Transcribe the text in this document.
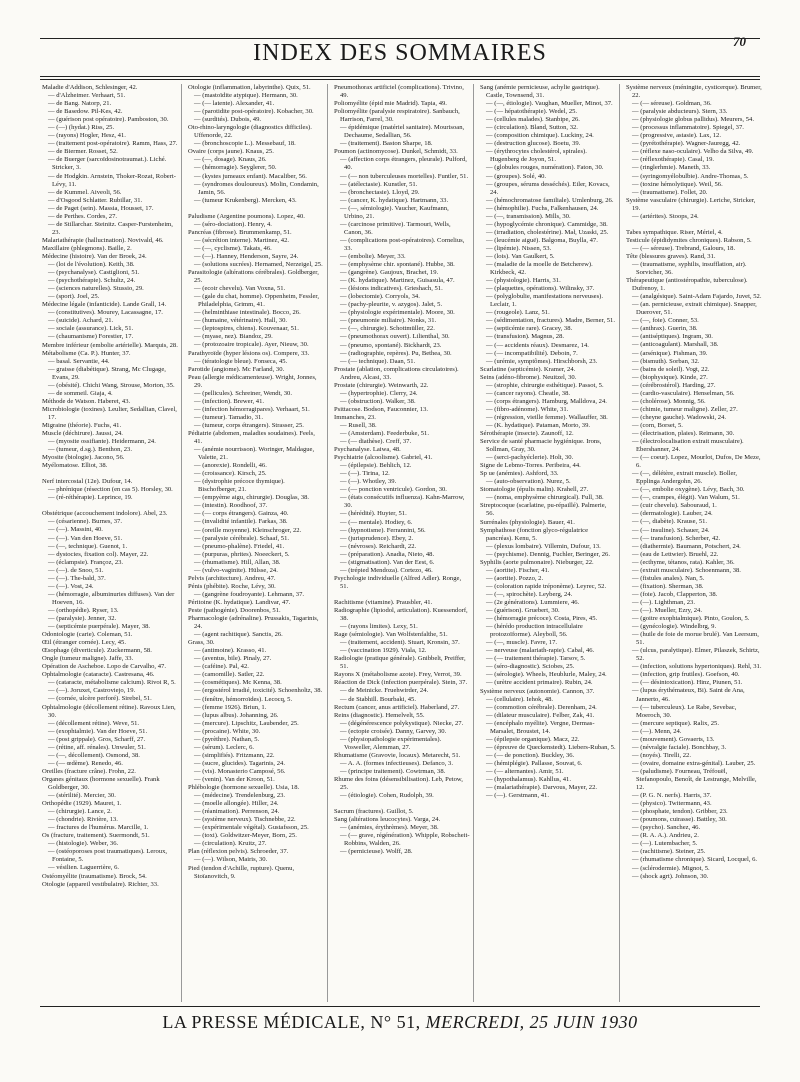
70
INDEX DES SOMMAIRES
Maladie d'Addison, Schlesinger, 42.
— d'Alzheimer. Verhaart, 51.
— de Bang. Natorp, 21.
— de Basedow. Pil-Kes, 42.
— (guérison post opératoire). Pamboston, 30.
— (—) (hydat.) Riss, 25.
— (rayons) Hogler, Hesz, 41.
— (traitement post-opératoire). Ramm, Hass, 27.
— de Biermer. Rosset, 52.
— de Buerger (sarcoïdosinotraumat.). Liché. Stricker, 3.
— de Hodgkin. Arnstein, Thoker-Rozat, Robert-Lévy, 11.
— de Kummel. Aiveoli, 56.
— d'Osgood Schlatter. Rubillar, 31.
— de Paget (sein). Massia, Housset, 17.
— de Perthes. Cordes, 27.
— de Stillarchar. Steinitz. Casper-Furstenheim, 23.
Malariathérapie (hallucination). Novivald, 46.
Maxillaire (phlegmons). Baille, 2.
Médecine (histoire). Van der Broek, 24.
— (loi de l'évolution). Keith, 38.
— (psychanalyse). Castiglioni, 51.
— (psychothérapie). Schultz, 24.
— (sciences naturelles). Stussio, 29.
— (sport). Joel, 25.
Médecine légale (infanticide). Lande Grall, 14.
— (constitutives). Mourey, Lacassagne, 17.
— (suicide). Achard, 21.
— sociale (assurance). Lick, 51.
— (chaumanisme) Forestier, 17.
Membre inférieur (embolie artérielle). Marquis, 28.
Métabolisme (Ca. P.). Hunter, 37.
— basal. Servantie, 44.
— graisse (diabétique). Strang, Mc Clugage, Evans, 29.
— (obésité). Chichi Wang, Strouse, Morton, 35.
— de sommeil. Giaja, 4.
Méthode de Watson. Haberet, 43.
Microbiologie (toxines). Leulier, Sedallian, Clavel, 17.
Migraine (théorie). Fuchs, 41.
Muscle (déchirure). Jaussi, 24.
— (myosite ossifiante). Heidermann, 24.
— (tumeur, d.sg.). Benthon, 23.
Myosite (biologie). Jacono, 56.
Myélomatose. Elliot, 38.
Nerf intercostal (12e). Dufour, 14.
— phrénique (résection (en cas 5). Horsley, 30.
— (ré-réthérapie). Leprince, 19.
Obstétrique (accouchement indolore). Abel, 23.
— (césarienne). Burnes, 37.
— (—). Massini, 40.
— (—). Van den Hoeve, 51.
— (—, technique). Guenot, 1.
— dystocies, fixation col). Mayer, 22.
— (éclampsie). Françoz, 23.
— (—). de Snoo, 51.
— (—). The-bald, 37.
— (—). Vost, 24.
— (hémorragie, albuminuries diffuses). Van der Hoeven, 16.
— (orthopédie). Ryser, 13.
— (paralysie). Jenner, 32.
— (septicémie puerpérale). Mayer, 38.
Odontologie (carie). Coleman, 51.
Œil (étranger cornée). Lecy, 45.
Œsophage (diverticule). Zuckermann, 58.
Ongle (tumeur maligne). Jaffe, 33.
Opération de Ascheboe. Lopo de Carvalho, 47.
Ophtalmologie (cataracte). Castresana, 46.
— (cataracte, métabolisme calcium). Rivoi R, 5.
— (—). Joruxet, Castroviejo, 19.
— (cornée, ulcère perforé). Sirebel, 51.
Ophtalmologie (décollement rétine). Ravoux Lien, 30.
— (décollement rétine). Weve, 51.
— (exophtalmie). Van der Hoeve, 51.
— (post grippale). Gros, Scharff, 27.
— (rétine, aff. rénales). Unwuler, 51.
— (—, décollement). Osmond, 38.
— (— œdème). Renedo, 46.
Oreilles (fracture crâne). Frohn, 22.
Organes génitaux (hormone sexuelle). Frank Goldberger, 30.
— (stérilité). Mercier, 30.
Orthopédie (1929). Mauret, 1.
— (chirurgie). Lance, 2.
— (chondrie). Rivière, 13.
— fractures de l'humérus. Marcille, 1.
Os (fracture, traitement). Suermondt, 51.
— (histologie). Weber, 36.
— (ostéoporoses post traumatiques). Leroux, Fontaine, 5.
— vésilien. Laguerrière, 6.
Ostéomyélite (traumatisme). Brock, 54.
Otologie (appareil vestibulaire). Richter, 33.
Otologie (inflammation, labyrinthe). Quix, 51.
— (mastoïdite atypique). Hermann, 30.
— (— latente). Alexander, 41.
— (parotidite post-opératoire). Kobacher, 30.
— (surdités). Dubois, 49.
Oto-rhino-laryngologie (diagnostics difficiles). Uffenorde, 22.
— (bronchoscopie L.). Messebauf, 18.
Ovaire (corps jaune). Knaus, 25.
— (—, dosage). Knaus, 26.
— (hémorragie). Seyglerer, 50.
— (kystes jumeaux enfant). Macaliber, 56.
— (syndromes douloureux). Molin, Condamin, Jamin, 56.
— (tumeur Krukenberg). Mercken, 43.
Paludisme (Argentine poumons). Lopez, 40.
— (séro-dociation). Henry, 4.
Pancréas (fibrose). Brummenkamp, 51.
— (sécrétion interne). Martinez, 42.
— (—, cyclisme). Takats, 46.
— (—). Hanney, Henderson, Sayre, 24.
— (solutions sucrées). Hernamed, Nerzeigel, 25.
Parasitologie (altérations cérébrales). Goldberger, 25.
— (ecoir chevelu). Van Voxna, 51.
— (gale du chat, homme). Oppenheim, Fessler, Philadelphia, Grimm, 41.
— (helminthiase intestinale). Bocco, 26.
— (humaine, vétérinaire). Hall, 30.
— (leptospires, chiens). Kouvenaar, 51.
— (myase, nez). Biandoz, 29.
— (protozoaire tropicale). Ayer, Nieuw, 30.
Parathyroïde (hyper lésions os). Compere, 33.
— (tératologie bleue). Fonseca, 45.
Parotide (angiome). Mc Farland, 30.
Peau (allergie médicamenteuse). Wright, Jonnes, 29.
— (pellicules). Schreiner, Wendt, 30.
— (infection). Brewer, 41.
— (infection hémorragipares). Verhaart, 51.
— (tumeur). Tamadio, 31.
— (tumeur, corps étrangers). Strasser, 25.
Pédiatrie (abdomen, maladies soudaines). Feels, 41.
— (anémie nourrisson). Woringer, Maldague, Valette, 21.
— (anorexie). Rondelli, 46.
— (croissance). Kirsch, 25.
— (dystrophie précoce thymique). Bischofberger, 21.
— (empyème aigu, chirurgie). Douglas, 38.
— (intestin). Roodhoof, 37.
— (— corps étrangers). Gainza, 40.
— (invalidité infantile). Farkas, 38.
— (oreille moyenne). Kleinschroger, 22.
— (paralysie cérébrale). Schaaf, 51.
— (pneumo-phalène). Friedel, 41.
— (purpuras, phrites). Noeeckert, 5.
— (rhumatisme). Hill, Allan, 38.
— (vulvo-vaginite). Hülsse, 24.
Pelvis (architecture). Andreu, 47.
Pénis (phébite). Roche, Lévy, 30.
— (gangrène foudroyante). Lehmann, 37.
Péritoine (K. hydatique). Landivar, 47.
Peste (pathogénie). Doorenbos, 51.
Pharmacologie (adrénaline). Prussakis, Tagarinis, 24.
— (agent rachitique). Sanctis, 26.
Grass, 30.
— (antimoine). Krasso, 41.
— (aventus, bile). Pinaly, 27.
— (caféine). Pal, 42.
— (camomille). Satler, 22.
— (cosmétiques). Mc Kenna, 38.
— (ergostérol irradié, toxicité). Schoenholtz, 38.
— (fenêtre, hémorroïdes). Lecocq, 5.
— (femme 1926). Briun, 1.
— (lupus albus). Johanning, 26.
— (mercure). Lipschitz, Laubender, 25.
— (procaine). White, 30.
— (pyrèthre). Nathan, 5.
— (sérum). Leclerc, 6.
— (simplifiés). Fritzmann, 22.
— (sucre, glucides). Tagarinis, 24.
— (vis). Monasterio Camposé, 56.
— (venin). Van der Kroon, 51.
Phlébologie (hormone sexuelle). Usia, 18.
— (médecine). Trendelenburg, 23.
— (moelle allongée). Hiller, 24.
— (réanimation). Perrenson, 24.
— (système nerveux). Tischnebbe, 22.
— (expérimentale végétal). Gustafsson, 25.
— (toxi). Goldwitzer-Meyer, Born, 25.
— (circulation). Kruitz, 27.
Plan (réflexion pelvis). Schroeder, 37.
— (—). Wilson, Mairis, 30.
Pied (tendon d'Achille, rupture). Quenu, Stoïanovitch, 9.
Pneumothorax artificiel (complications). Trivino, 49.
Poliomyélite (épid mie Madrid). Tapia, 49.
Poliomyélite (paralysie respiratoire). Sanbauch, Harrison, Farrel, 30.
— épidémique (matériel sanitaire). Mourisoan, Dechaume, Sedallian, 56.
— (traitement). Baston Sharpe, 18.
Poumon (actinomycose). Dunkel, Schmidt, 33.
— (affection corps étrangers, pleurale). Pulford, 40.
— (— non tuberculeuses mortelles). Funtler, 51.
— (atélectasie). Kunstler, 51.
— (bronchectasie). Lloyd, 29.
— (cancer, K. hydatique). Hartmann, 33.
— (—, sémiologie). Vaucher, Kaufmann, Urbino, 21.
— (carcinose primitive). Tarmouri, Wells, Canon, 36.
— (complications post-opératoires). Cornelius, 33.
— (embolie). Meyer, 33.
— (emphysème chir. spontané). Hubbe, 38.
— (gangrène). Gaujoux, Brachet, 19.
— (K. hydatique). Martinez, Guisasula, 47.
— (lésions indicatives). Grieshach, 51.
— (lobectomie). Corryols, 34.
— (pachy-pleurite, v. azygos). Jalet, 5.
— (physiologie expérimentale). Moore, 30.
— (pneumonie miliaire). Nonks, 31.
— (—, chirurgie). Schottmüller, 22.
— (pneumothorax ouvert). Lilienthal, 30.
— (pneumo, spontané). Bickhardt, 23.
— (radiographie, repères). Pu, Bethea, 30.
— (— technique). Daan, 51.
Prostate (ablation, complications circulatoires). Andreu, Alcasi, 33.
Prostate (chirurgie). Weinwarth, 22.
— (hypertrophie). Clerry, 24.
— (obstruction). Walker, 38.
Psittacose. Bodson, Fauconnier, 13.
Immanches, 23.
— Rusell, 38.
— (Amsterdam). Feederbuke, 51.
— (— diathèse). Creff, 37.
Psychanalyse. Laiwa, 48.
Psychiatrie (alcoolisme). Gabriel, 41.
— (épilepsie). Behlich, 12.
— (—). Tirina, 12.
— (—). Whotley, 39.
— (— ponction ventricule). Gordon, 30.
— (états consécutifs influenza). Kahn-Marrow, 30.
— (hérédité). Huyter, 51.
— (— mentale). Hodiey, 6.
— (hypnotisme). Ferrannini, 56.
— (jurisprudence). Ebey, 2.
— (névroses). Reichardt, 22.
— (préparation). Anadia, Nieto, 48.
— (stigmatisation). Van der Eest, 6.
— (trépied Mendoza). Cortezo, 46.
Psychologie individuelle (Alfred Adler). Ronge, 51.
Rachitisme (vitamine). Prausbler, 41.
Radiographie (lipiodol, articulation). Kuessendorf, 38.
— (rayons limites). Lexy, 51.
Rage (sémiologie). Van Wolfstenfalthe, 51.
— (traitement, accident). Stuart, Kronsin, 37.
— (vaccination 1929). Viala, 12.
Radiologie (pratique générale). Gnibbelt, Preiffer, 51.
Rayons X (métabolisme azote). Frey, Verrot, 39.
Réaction de Dick (infection puerpérale). Stein, 37.
— de Meinicke. Fruehwirder, 24.
— de Stabhill. Bourbaki, 45.
Rectum (cancer, anus artificiel). Haberland, 27.
Reins (diagnostic). Hemelvelt, 55.
— (dégénérescence polykystique). Niecke, 27.
— (ectopie croisée). Danny, Garvey, 30.
— (physiopathologie expérimentales). Vosweller, Alemman, 27.
Rhumatisme (Gravovie, locaux). Metarecht, 51.
— A. A. (formes infectieuses). Defanco, 3.
— (principe traitement). Cowtrman, 38.
Rhume des foins (désensibilisation). Leb, Petow, 25.
— (étiologie). Cohen, Rudolph, 39.
Sacrum (fractures). Guillot, 5.
Sang (altérations leucocytes). Varga, 24.
— (anémies, érythrèmes). Meyer, 38.
— (— grave, régénération). Whipple, Robscheit-Robbins, Walden, 26.
— (pernicieuse). Wolff, 28.
Sang (anémie pernicieuse, achylie gastrique). Castle, Townsend, 31.
— (—, étiologie). Vaughan, Mueller, Minot, 37.
— (— hépatothérapie). Wedel, 25.
— (cellules malades). Stanbipe, 26.
— (circulation). Bland, Sutton, 32.
— (composition chimique). Luckiny, 24.
— (destruction glucose). Boetu, 39.
— (érythrocytes cholestérol, spirales). Hugenberg de Joyon, 51.
— (globules rouges, numération). Faton, 30.
— (groupes). Solé, 40.
— (groupes, sérums desséchés). Eiler, Kovacs, 24.
— (hémochromatose familiale). Umlenburg, 26.
— (hémophilie). Fuchs, Falkenhausen, 24.
— (—, transmission). Mills, 30.
— (hypoglycémie chronique). Cammidge, 38.
— (irradiation, cholestérine). Mał, Uzaski, 25.
— (leucémie aiguë). Balgoma, Buylla, 47.
— (lipémie). Nissen, 53.
— (lois). Van Gaulkert, 5.
— (maladie de la moelle de Betcherew). Kirkbeck, 42.
— (physiologie). Harris, 31.
— (plaquettes, opérations). Wilinsky, 37.
— (polyglobulie, manifestations nerveuses). Leclair, 1.
— (rougeole). Lanz, 51.
— (sédimentation, fractures). Madre, Berner, 51.
— (septicémie rare). Gracey, 38.
— (transfusion). Magnus, 28.
— (— accidents réaux). Desmarez, 14.
— (— incompatibilité). Deboin, 7.
— (urémie, symptômes). Hirschborsh, 23.
Scarlatine (septicémie). Kramer, 24.
Seins (adéno-fibrome). Neuitzel, 30.
— (strophie, chirurgie esthétique). Passot, 5.
— (cancer rayons). Cheatle, 38.
— (corps étrangers). Hamburg, Malldova, 24.
— (fibro-adénome). White, 31.
— (régression, vieille femme). Wallauffer, 38.
— (K. hydatique). Pataman, Morto, 39.
Sérothérapie (insecte). Zaunoff, 12.
Service de santé pharmacie hygiénique. Irons, Sollman, Gray, 30.
— (serci-pachyéclerie). Holt, 30.
Signe de Lebmo-Torres. Peribeira, 44.
Sp ue (anémies). Ashford, 33.
— (auto-observation). Nurez, 5.
Stomatologie (épulis malin). Krahell, 27.
— (noma, emphysème chirurgical). Full, 38.
Streptocoque (scarlatine, pu-répaillé). Palmerie, 56.
Surrénales (physiologie). Bauer, 41.
Symphathose (fonction glyco-régulatrice pancréas). Kenu, 5.
— (plexus lombaire). Villemin, Dufour, 13.
— (psychisme). Dennig, Fuchler, Beringer, 26.
Syphilis (aorte pulmonaire). Nieburger, 22.
— (aortite). Fischer, 41.
— (aortite). Pozzo, 2.
— (coloration rapide tréponème). Leyrec, 52.
— (—, spirochète). Leyberg, 24.
— (2e générations). Lummiere, 46.
— (guérison). Gruebert, 30.
— (hémorragie précoce). Costa, Pires, 45.
— (hérédo production intracellulaire protozoïforme). Aleyboll, 56.
— (—, muscle). Favre, 17.
— nerveuse (malariath-rapie). Cabal, 46.
— (— traitement thérapie). Tarsov, 5.
— (séro-diagnostic). Sciobes, 25.
— (sérologie). Wheels, Heublurle, Maley, 24.
— (urètre accident primaire). Rubin, 24.
Système nerveux (autonomie). Cannon, 37.
— (cellulaire). Iehok, 48.
— (commotion cérébrale). Derenham, 24.
— (dilateur musculaire). Felber, Zak, 41.
— (encéphalo myélite). Vergne, Dermas-Marsalet, Broustet, 14.
— (épilepsie organique). Macz, 22.
— (épreuve de Queckenstedt). Liebers-Ruban, 5.
— (— de ponction). Buckley, 36.
— (hémiplégie). Pallasse, Souvat, 6.
— (— alternantes). Amir, 51.
— (hypothalamus). Kahllus, 41.
— (malariathérapie). Darvous, Mayer, 22.
— (—). Gerstmann, 41.
Système nerveux (méningite, cysticerque). Brumer, 22.
— (— séreuse). Goldman, 36.
— (paralysie abducteurs). Stern, 33.
— (physiologie globus pallidus). Meurers, 54.
— (processus inflammatoire). Spiegel, 37.
— (progressive, astasie). Lax, 12.
— (pyrétothérapie). Wagner-Jauregg, 42.
— (réflexe naso-oculaire). Velho da Silva, 49.
— (réflexothérapie). Casal, 19.
— (ringlerhmie). Maneth, 33.
— (syringomyélobulbie). Andre-Thomas, 5.
— (toxine hémolytique). Weil, 56.
— (traumatisme). Follet, 20.
Système vasculaire (chirurgie). Leriche, Stricker, 19.
— (artérites). Stoops, 24.
Tabes sympathique. Riser, Mériel, 4.
Testicule (épididymites chroniques). Rabson, 5.
— (— séreuse). Trebrand, Galours, 18.
Tête (blessures graves). Rand, 31.
— (traumatisme, syphilis, insufflation, air). Sorvicher, 36.
Thérapeutique (antiostéropathie, tuberculose). Dufrenoy, 1.
— (analgésique). Saint-Adam Fajardo, Juvet, 52.
— (an. pernicieuse, extrait chimique). Snapper, Duerover, 51.
— (—, foie). Conner, 53.
— (anthrax). Guerin, 38.
— (antiséptiques). Ingram, 30.
— (anticoagulant). Marshall, 38.
— (arsénique). Fishman, 39.
— (bismuth). Sorban, 32.
— (bains de soleil). Vogt, 22.
— (biophysique). Kinde, 27.
— (cérébrostérol). Harding, 27.
— (cardio-vasculaire). Henselman, 56.
— (cholérose). Monnig, 56.
— (chimie, tumeur maligne). Zeller, 27.
— (cheyne gauche). Wadowski, 24.
— (corn, Borset, 5.
— (électrisation, plaies). Reimann, 30.
— (électrolocalisation extrait musculaire). Ebershanner, 24.
— (— coeur). Lopez, Mourlot, Dufos, De Meze, 6.
— (—, délétère, extrait muscle). Boller, Epplinga Andergohn, 26.
— (—, embolie oxygène). Lévy, Bach, 30.
— (—, crampes, élégit). Van Walum, 51.
— (cuir chevelu). Sabouraud, 1.
— (dermatologie). Lauber, 24.
— (—, diabète). Krause, 51.
— (— insuline). Schauer, 24.
— (— transfusion). Scherber, 42.
— (diathermie). Baumann, Potschert, 24.
— (eau de Lettwier). Bruehl, 22.
— (ecthyme, tétanos, rata). Kahler, 36.
— (extrait musculaire). Schoenmann, 38.
— (fistules anales). Nan, 5.
— (fixation). Sherman, 38.
— (foie). Jacob, Clapperton, 38.
— (—). Lighthman, 23.
— (—). Mueller, Ezry, 24.
— (goitre exophtalmique). Pinto, Goulon, 5.
— (gynécologie). Windelbrg, 9.
— (huile de foie de morue brulé). Van Leersum, 51.
— (ulcus, paralytique). Elmer, Pilaszek, Schirtz, 52.
— (infection, solutions hypertoniques). Rehl, 31.
— (infection, grip frutiles). Goefson, 40.
— (— désintoxication). Hinz, Piunen, 51.
— (lupus érythémateux, Bi). Saint de Ana, Jannerto, 46.
— (— tuberculeux). Le Rabe, Sevebac, Moeroch, 30.
— (mercure septique). Ralix, 25.
— (—). Menn, 24.
— (mouvement). Govaerts, 13.
— (névralgie faciale). Bonchbay, 3.
— (noyés). Tirelli, 22.
— (ovaire, domaine extra-génital). Lauber, 25.
— (paludisme). Fourneau, Tréfouël, Stefanopoulo, Benoît, de Lestrange, Melville, 12.
— (P. G. N. nerfs). Harris, 37.
— (physico). Twitermann, 43.
— (phosphate, tendon). Gribber, 23.
— (poumons, cuirasse). Battley, 30.
— (psycho). Sanchez, 46.
— (R. A. A.). Andrieu, 2.
— (—). Lutembacher, 5.
— (rachitisme). Steiner, 25.
— (rhumatisme chronique). Sicard, Locquel, 6.
— (sclérodermie). Mignot, 5.
— (shock agrt). Johnson, 30.
LA PRESSE MÉDICALE, N° 51, MERCREDI, 25 JUIN 1930
